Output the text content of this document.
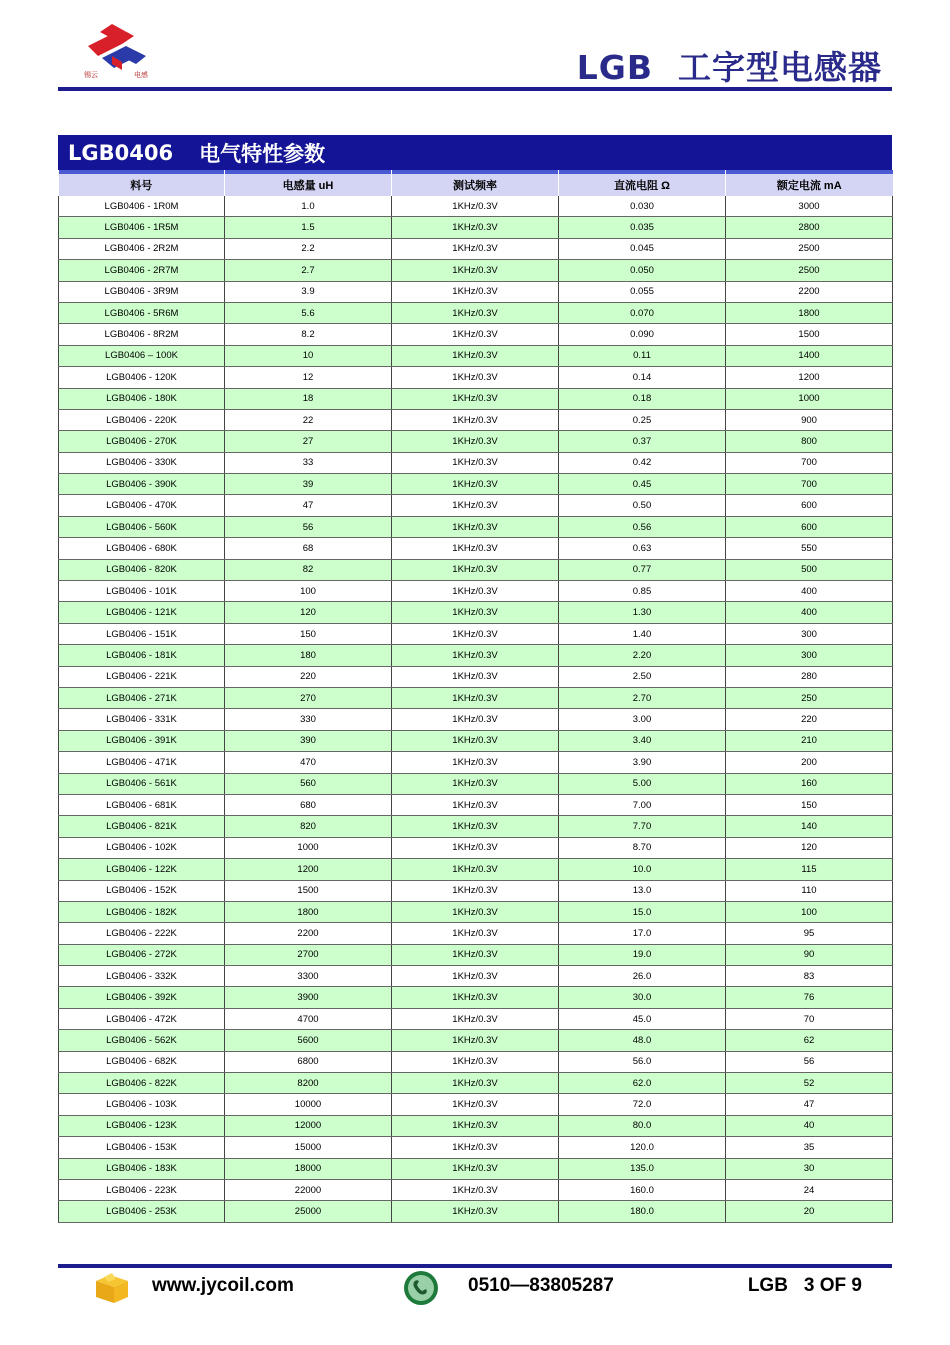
锡云	电感	LGB  工字型电感器
LGB0406 电气特性参数
料号	电感量 uH	测试频率	直流电阻 Ω	额定电流 mA
LGB0406 - 1R0M	1.0	1KHz/0.3V	0.030	3000
LGB0406 - 1R5M	1.5	1KHz/0.3V	0.035	2800
LGB0406 - 2R2M	2.2	1KHz/0.3V	0.045	2500
LGB0406 - 2R7M	2.7	1KHz/0.3V	0.050	2500
LGB0406 - 3R9M	3.9	1KHz/0.3V	0.055	2200
LGB0406 - 5R6M	5.6	1KHz/0.3V	0.070	1800
LGB0406 - 8R2M	8.2	1KHz/0.3V	0.090	1500
LGB0406 – 100K	10	1KHz/0.3V	0.11	1400
LGB0406 - 120K	12	1KHz/0.3V	0.14	1200
LGB0406 - 180K	18	1KHz/0.3V	0.18	1000
LGB0406 - 220K	22	1KHz/0.3V	0.25	900
LGB0406 - 270K	27	1KHz/0.3V	0.37	800
LGB0406 - 330K	33	1KHz/0.3V	0.42	700
LGB0406 - 390K	39	1KHz/0.3V	0.45	700
LGB0406 - 470K	47	1KHz/0.3V	0.50	600
LGB0406 - 560K	56	1KHz/0.3V	0.56	600
LGB0406 - 680K	68	1KHz/0.3V	0.63	550
LGB0406 - 820K	82	1KHz/0.3V	0.77	500
LGB0406 - 101K	100	1KHz/0.3V	0.85	400
LGB0406 - 121K	120	1KHz/0.3V	1.30	400
LGB0406 - 151K	150	1KHz/0.3V	1.40	300
LGB0406 - 181K	180	1KHz/0.3V	2.20	300
LGB0406 - 221K	220	1KHz/0.3V	2.50	280
LGB0406 - 271K	270	1KHz/0.3V	2.70	250
LGB0406 - 331K	330	1KHz/0.3V	3.00	220
LGB0406 - 391K	390	1KHz/0.3V	3.40	210
LGB0406 - 471K	470	1KHz/0.3V	3.90	200
LGB0406 - 561K	560	1KHz/0.3V	5.00	160
LGB0406 - 681K	680	1KHz/0.3V	7.00	150
LGB0406 - 821K	820	1KHz/0.3V	7.70	140
LGB0406 - 102K	1000	1KHz/0.3V	8.70	120
LGB0406 - 122K	1200	1KHz/0.3V	10.0	115
LGB0406 - 152K	1500	1KHz/0.3V	13.0	110
LGB0406 - 182K	1800	1KHz/0.3V	15.0	100
LGB0406 - 222K	2200	1KHz/0.3V	17.0	95
LGB0406 - 272K	2700	1KHz/0.3V	19.0	90
LGB0406 - 332K	3300	1KHz/0.3V	26.0	83
LGB0406 - 392K	3900	1KHz/0.3V	30.0	76
LGB0406 - 472K	4700	1KHz/0.3V	45.0	70
LGB0406 - 562K	5600	1KHz/0.3V	48.0	62
LGB0406 - 682K	6800	1KHz/0.3V	56.0	56
LGB0406 - 822K	8200	1KHz/0.3V	62.0	52
LGB0406 - 103K	10000	1KHz/0.3V	72.0	47
LGB0406 - 123K	12000	1KHz/0.3V	80.0	40
LGB0406 - 153K	15000	1KHz/0.3V	120.0	35
LGB0406 - 183K	18000	1KHz/0.3V	135.0	30
LGB0406 - 223K	22000	1KHz/0.3V	160.0	24
LGB0406 - 253K	25000	1KHz/0.3V	180.0	20
www.jycoil.com	0510—83805287	LGB 3 OF 9
